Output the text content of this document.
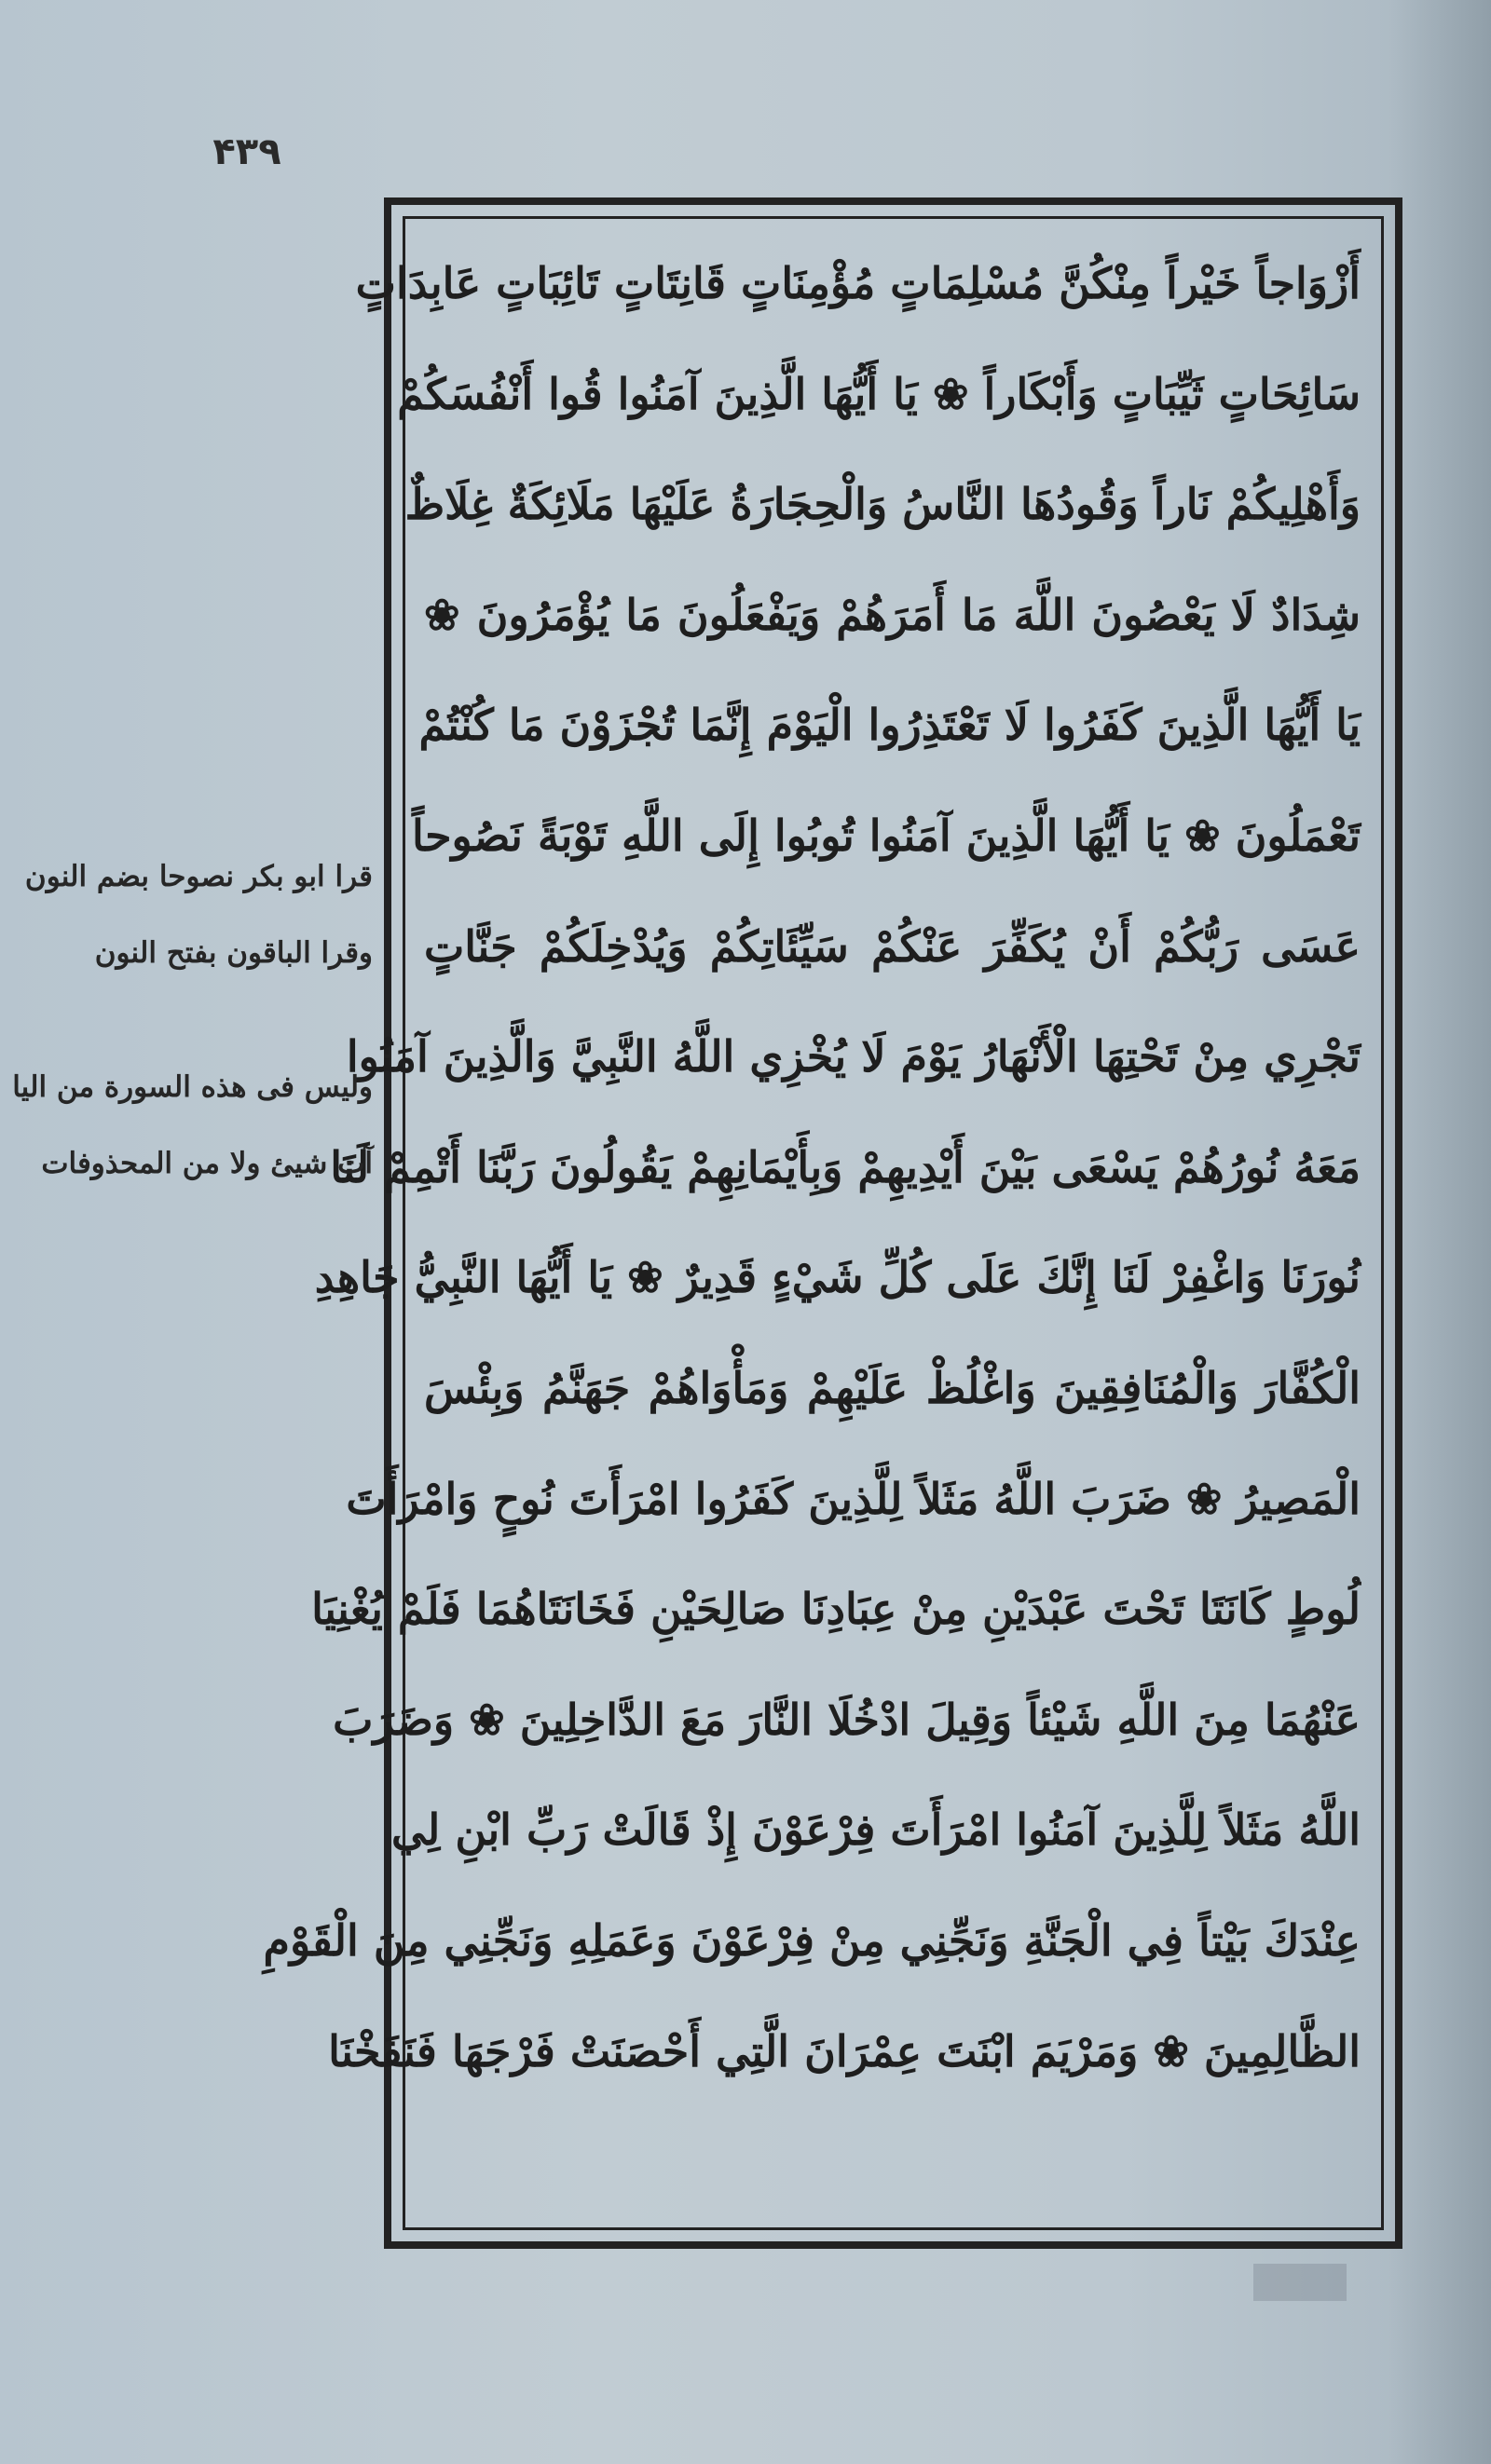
۴۳۹
أَزْوَاجاً خَيْراً مِنْكُنَّ مُسْلِمَاتٍ مُؤْمِنَاتٍ قَانِتَاتٍ تَائِبَاتٍ عَابِدَاتٍ
سَائِحَاتٍ ثَيِّبَاتٍ وَأَبْكَاراً ❀ يَا أَيُّهَا الَّذِينَ آمَنُوا قُوا أَنْفُسَكُمْ
وَأَهْلِيكُمْ نَاراً وَقُودُهَا النَّاسُ وَالْحِجَارَةُ عَلَيْهَا مَلَائِكَةٌ غِلَاظٌ
شِدَادٌ لَا يَعْصُونَ اللَّهَ مَا أَمَرَهُمْ وَيَفْعَلُونَ مَا يُؤْمَرُونَ ❀
يَا أَيُّهَا الَّذِينَ كَفَرُوا لَا تَعْتَذِرُوا الْيَوْمَ إِنَّمَا تُجْزَوْنَ مَا كُنْتُمْ
تَعْمَلُونَ ❀ يَا أَيُّهَا الَّذِينَ آمَنُوا تُوبُوا إِلَى اللَّهِ تَوْبَةً نَصُوحاً
عَسَى رَبُّكُمْ أَنْ يُكَفِّرَ عَنْكُمْ سَيِّئَاتِكُمْ وَيُدْخِلَكُمْ جَنَّاتٍ
تَجْرِي مِنْ تَحْتِهَا الْأَنْهَارُ يَوْمَ لَا يُخْزِي اللَّهُ النَّبِيَّ وَالَّذِينَ آمَنُوا
مَعَهُ نُورُهُمْ يَسْعَى بَيْنَ أَيْدِيهِمْ وَبِأَيْمَانِهِمْ يَقُولُونَ رَبَّنَا أَتْمِمْ لَنَا
نُورَنَا وَاغْفِرْ لَنَا إِنَّكَ عَلَى كُلِّ شَيْءٍ قَدِيرٌ ❀ يَا أَيُّهَا النَّبِيُّ جَاهِدِ
الْكُفَّارَ وَالْمُنَافِقِينَ وَاغْلُظْ عَلَيْهِمْ وَمَأْوَاهُمْ جَهَنَّمُ وَبِئْسَ
الْمَصِيرُ ❀ ضَرَبَ اللَّهُ مَثَلاً لِلَّذِينَ كَفَرُوا امْرَأَتَ نُوحٍ وَامْرَأَتَ
لُوطٍ كَانَتَا تَحْتَ عَبْدَيْنِ مِنْ عِبَادِنَا صَالِحَيْنِ فَخَانَتَاهُمَا فَلَمْ يُغْنِيَا
عَنْهُمَا مِنَ اللَّهِ شَيْئاً وَقِيلَ ادْخُلَا النَّارَ مَعَ الدَّاخِلِينَ ❀ وَضَرَبَ
اللَّهُ مَثَلاً لِلَّذِينَ آمَنُوا امْرَأَتَ فِرْعَوْنَ إِذْ قَالَتْ رَبِّ ابْنِ لِي
عِنْدَكَ بَيْتاً فِي الْجَنَّةِ وَنَجِّنِي مِنْ فِرْعَوْنَ وَعَمَلِهِ وَنَجِّنِي مِنَ الْقَوْمِ
الظَّالِمِينَ ❀ وَمَرْيَمَ ابْنَتَ عِمْرَانَ الَّتِي أَحْصَنَتْ فَرْجَهَا فَنَفَخْنَا
قرا ابو بكر نصوحا بضم النون
وقرا الباقون بفتح النون
وليس فى هذه السورة من اليا
آت شيئ ولا من المحذوفات
